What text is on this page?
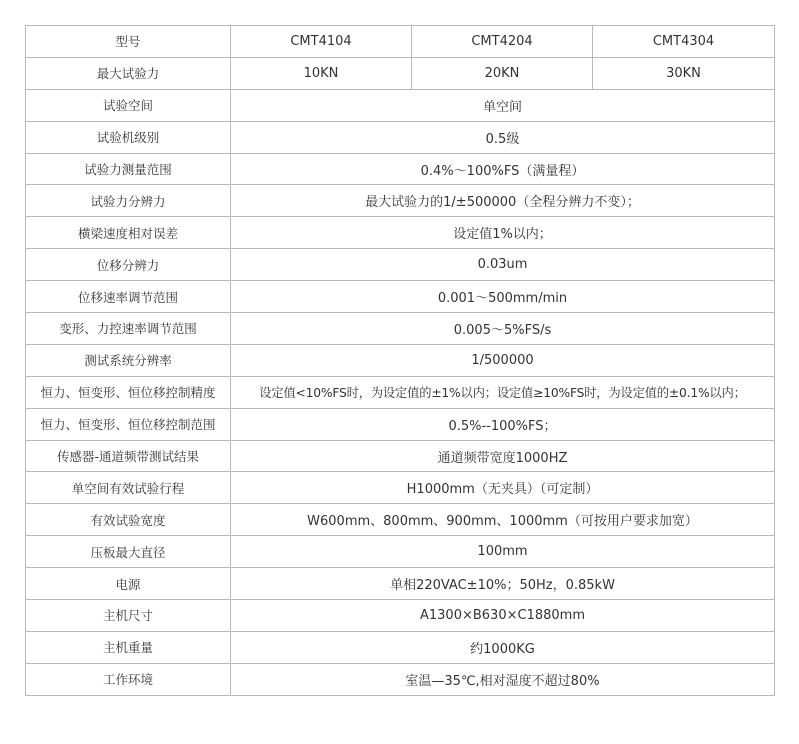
型号	CMT4104	CMT4204	CMT4304
最大试验力	10KN	20KN	30KN
试验空间	单空间		
试验机级别	0.5级		
试验力测量范围	0.4%～100%FS（满量程）		
试验力分辨力	最大试验力的1/±500000（全程分辨力不变）；		
横梁速度相对误差	设定值1%以内；		
位移分辨力	0.03um		
位移速率调节范围	0.001～500mm/min		
变形、力控速率调节范围	0.005～5%FS/s		
测试系统分辨率	1/500000		
恒力、恒变形、恒位移控制精度	设定值<10%FS时，为设定值的±1%以内；设定值≥10%FS时，为设定值的±0.1%以内；		
恒力、恒变形、恒位移控制范围	0.5%--100%FS；		
传感器-通道频带测试结果	通道频带宽度1000HZ		
单空间有效试验行程	H1000mm（无夹具）（可定制）		
有效试验宽度	W600mm、800mm、900mm、1000mm（可按用户要求加宽）		
压板最大直径	100mm		
电源	单相220VAC±10%；50Hz，0.85kW		
主机尺寸	A1300×B630×C1880mm		
主机重量	约1000KG		
工作环境	室温—35℃,相对湿度不超过80%		
